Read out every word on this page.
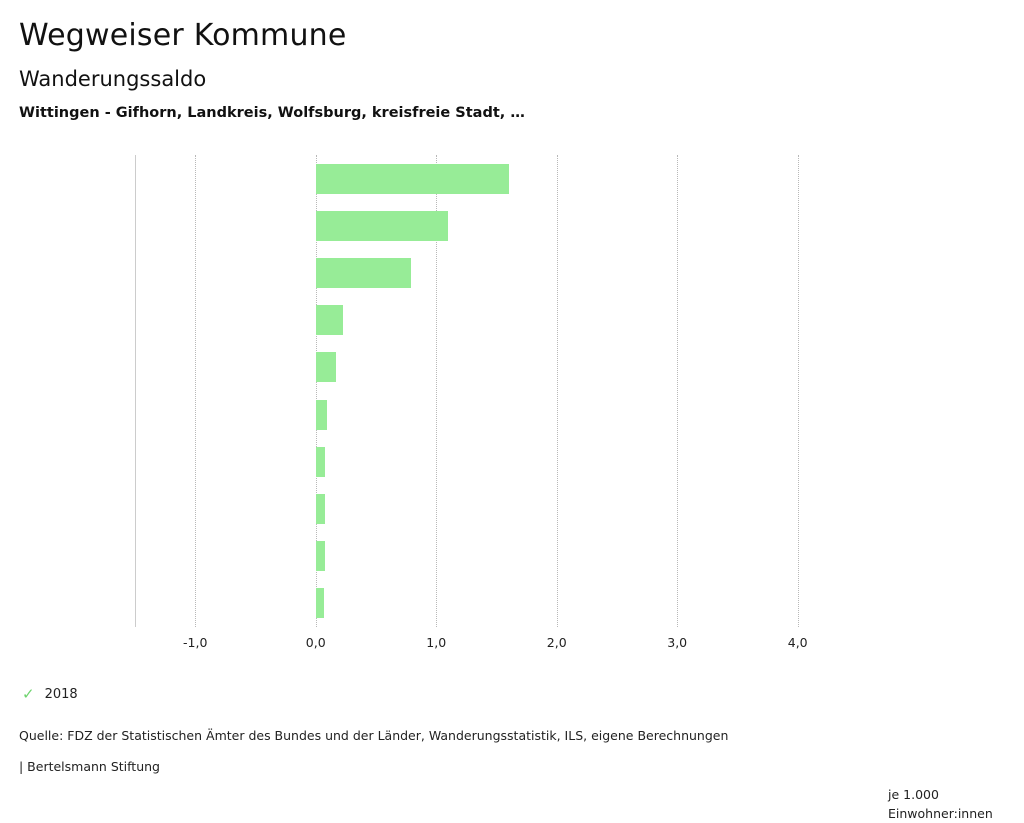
Wegweiser Kommune
Wanderungssaldo
Wittingen - Gifhorn, Landkreis, Wolfsburg, kreisfreie Stadt, …
-1,0	0,0	1,0	2,0	3,0	4,0
je 1.000
Einwohner:innen
✓ 2018
Quelle: FDZ der Statistischen Ämter des Bundes und der Länder, Wanderungsstatistik, ILS, eigene Berechnungen
| Bertelsmann Stiftung
